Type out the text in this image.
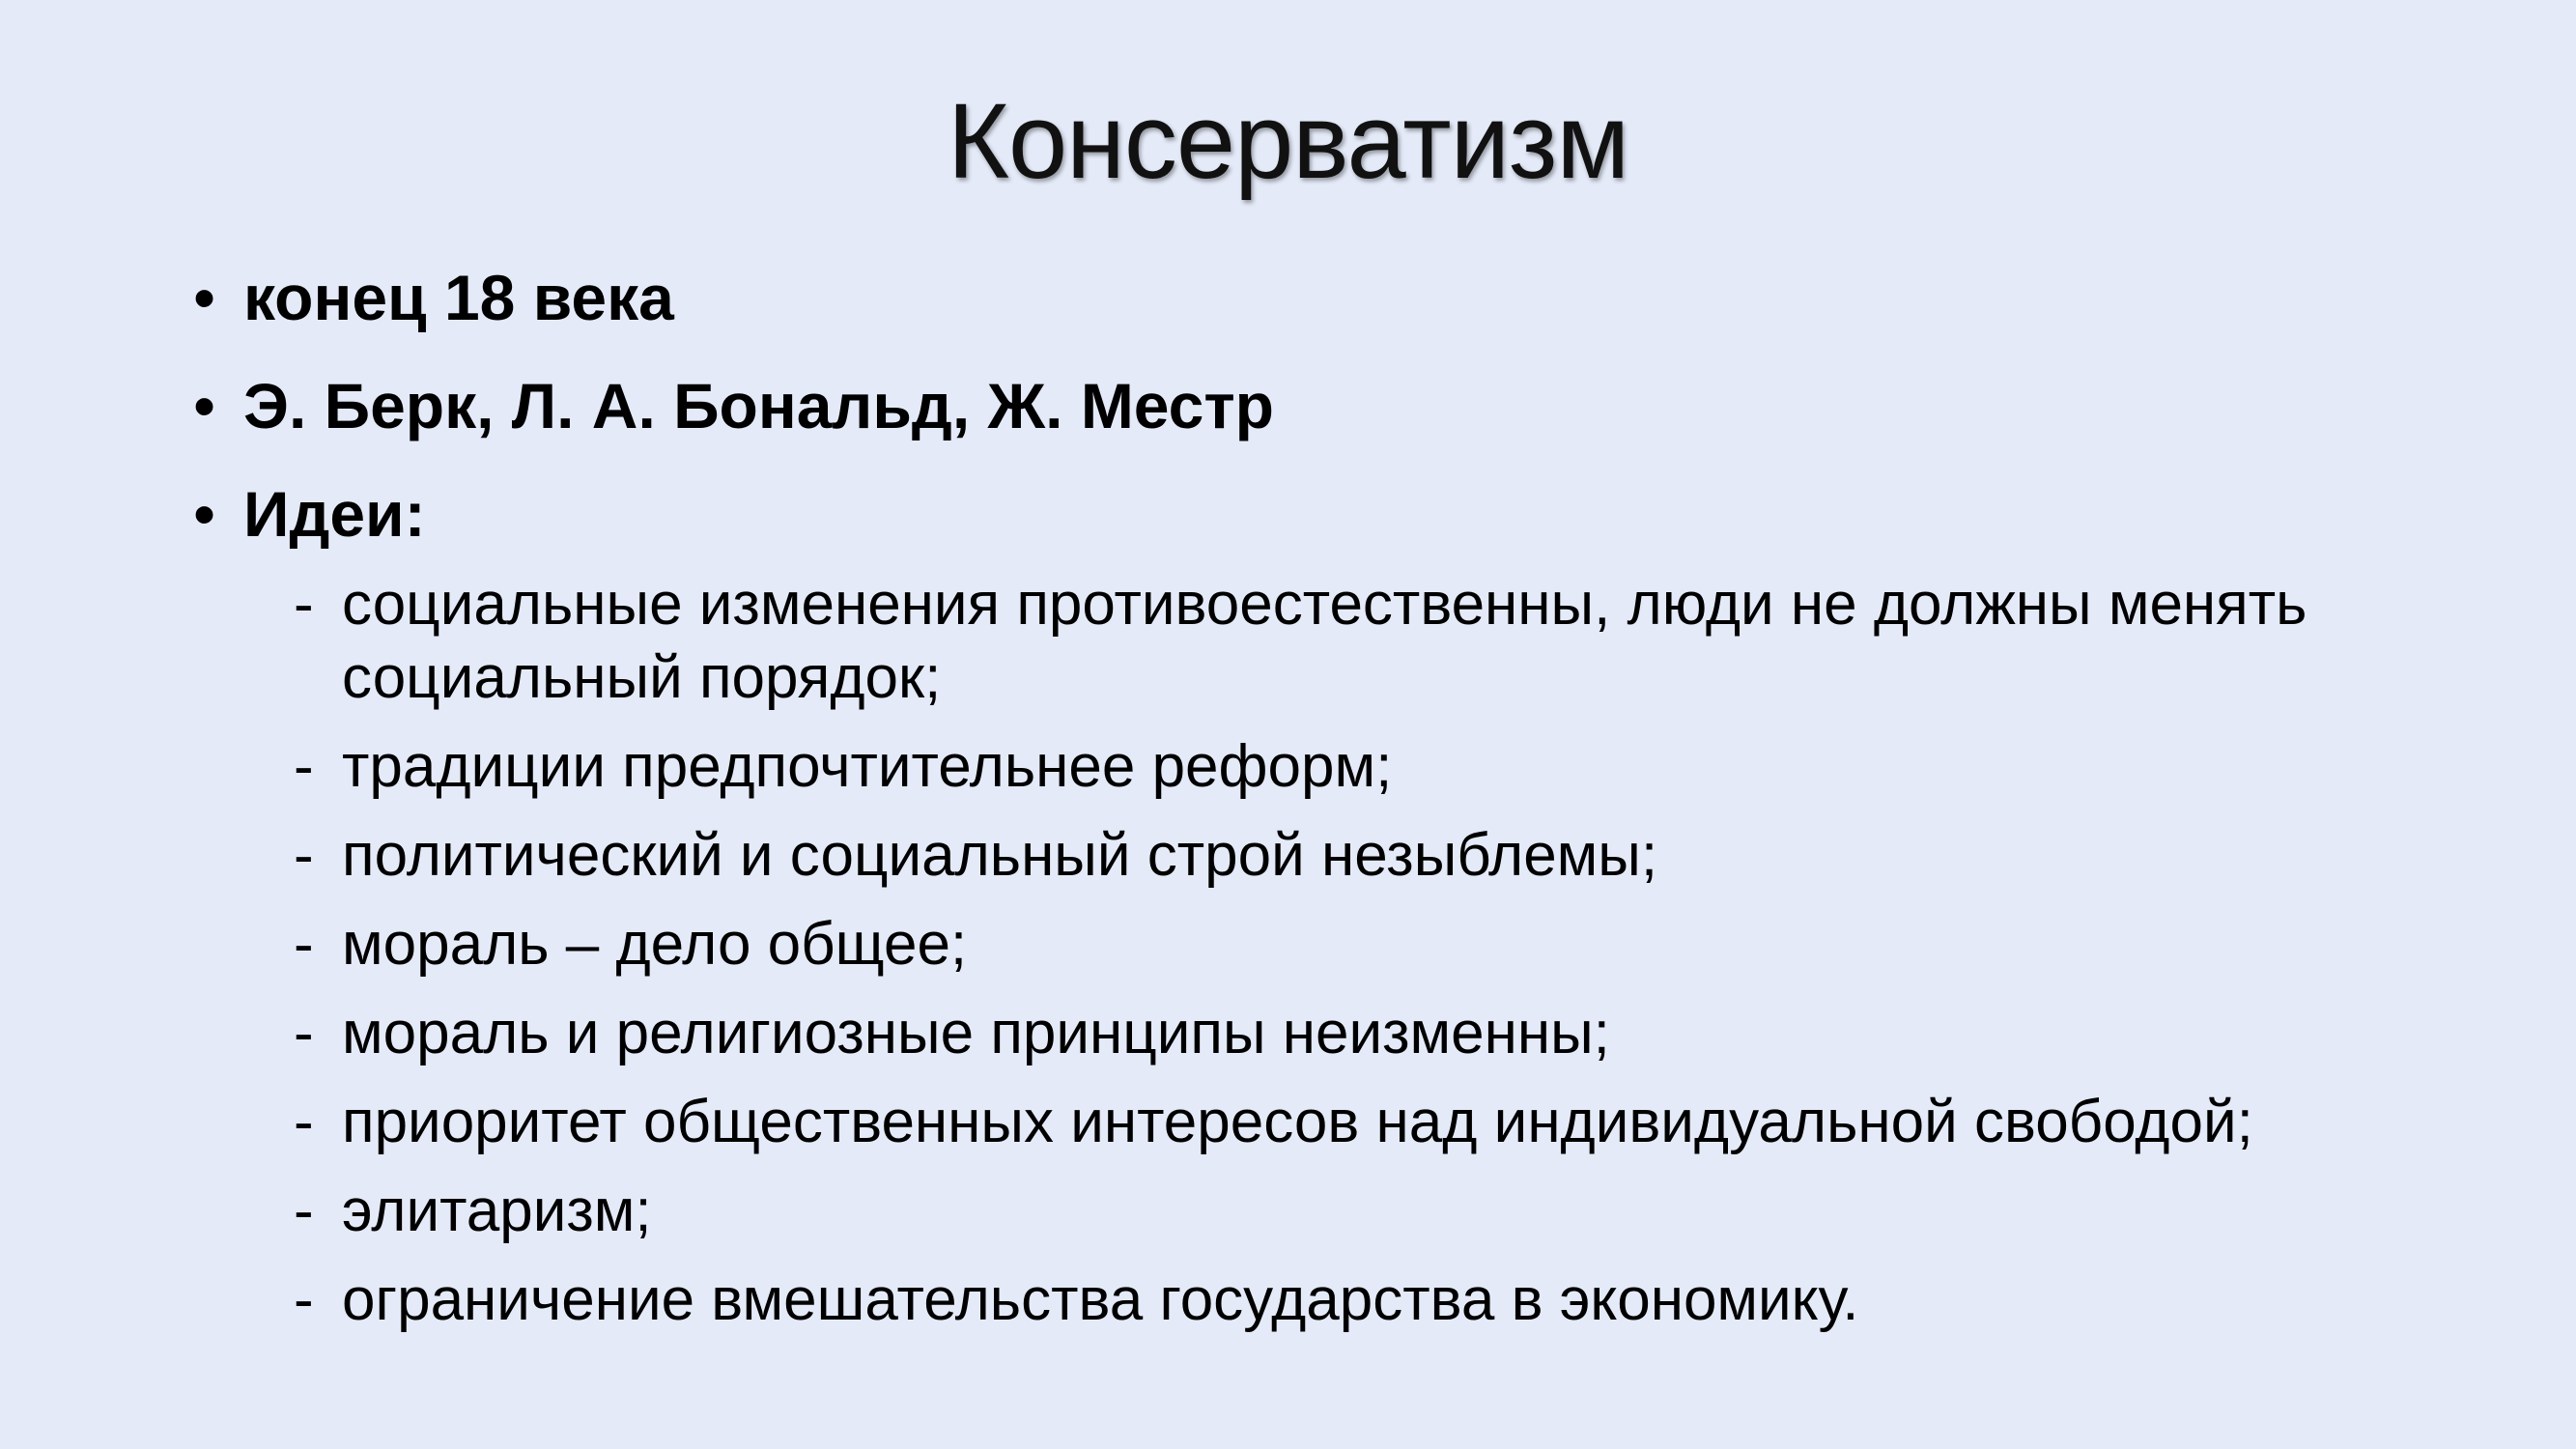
Консерватизм
• конец 18 века
• Э. Берк, Л. А. Бональд, Ж. Местр
• Идеи:
- социальные изменения противоестественны, люди не должны менять социальный порядок;
- традиции предпочтительнее реформ;
- политический и социальный строй незыблемы;
- мораль – дело общее;
- мораль и религиозные принципы неизменны;
- приоритет общественных интересов над индивидуальной свободой;
- элитаризм;
- ограничение вмешательства государства в экономику.
